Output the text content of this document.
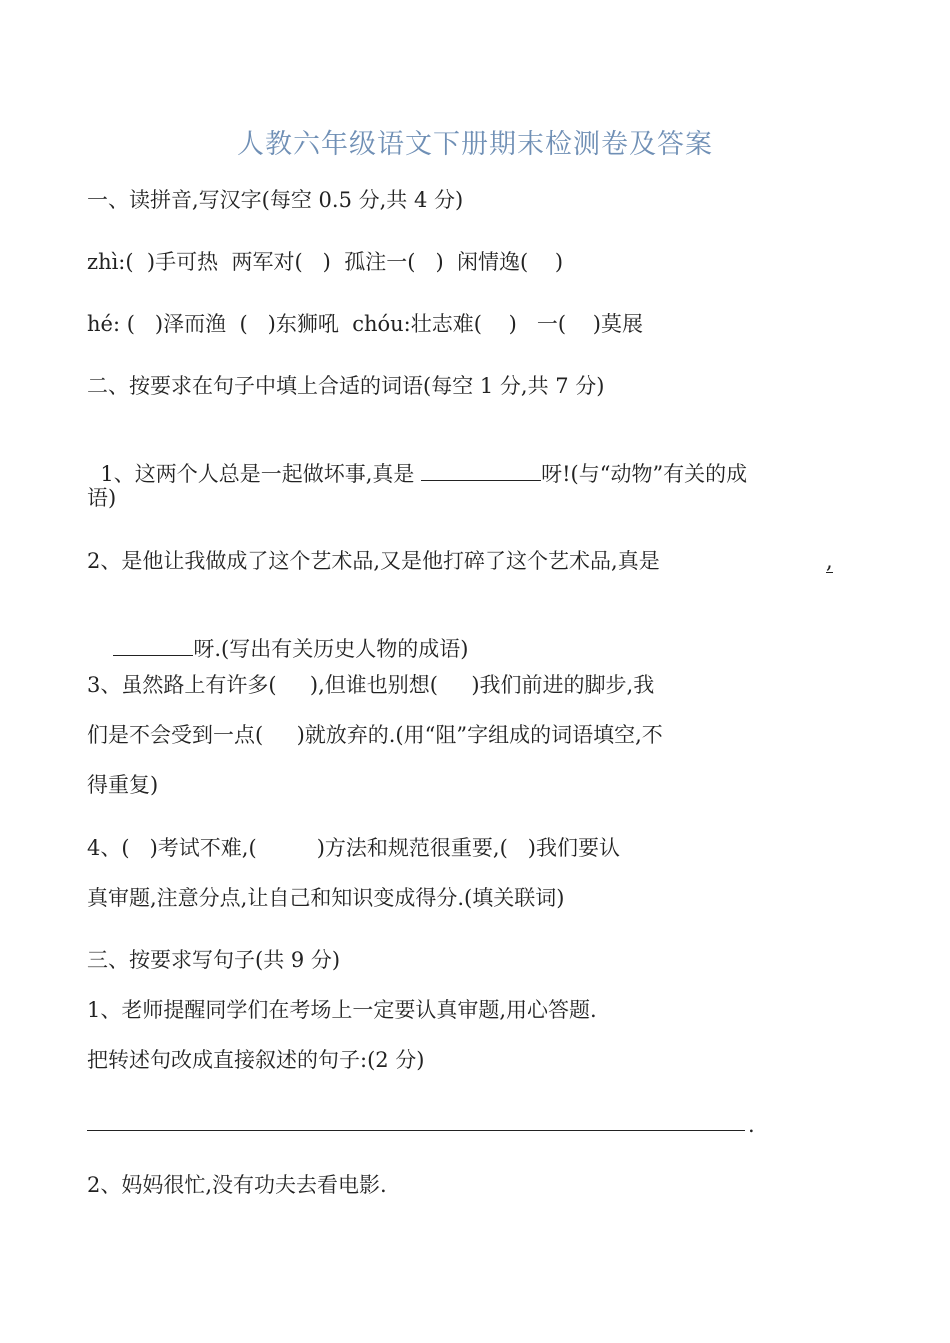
人教六年级语文下册期末检测卷及答案
一、读拼音,写汉字(每空 0.5 分,共 4 分)
zhì:(  )手可热  两军对(   )  孤注一(   )  闲情逸(    )
hé: (   )泽而渔  (   )东狮吼  chóu:壮志难(    )   一(    )莫展
二、按要求在句子中填上合适的词语(每空 1 分,共 7 分)

1、这两个人总是一起做坏事,真是	呀!(与“动物”有关的成

语)
2、是他让我做成了这个艺术品,又是他打碎了这个艺术品,真是	,

呀.(写出有关历史人物的成语)

3、虽然路上有许多(     ),但谁也别想(     )我们前进的脚步,我
们是不会受到一点(     )就放弃的.(用“阻”字组成的词语填空,不
得重复)
4、(   )考试不难,(         )方法和规范很重要,(   )我们要认
真审题,注意分点,让自己和知识变成得分.(填关联词)
三、按要求写句子(共 9 分)
1、老师提醒同学们在考场上一定要认真审题,用心答题.
把转述句改成直接叙述的句子:(2 分)
.
2、妈妈很忙,没有功夫去看电影.
